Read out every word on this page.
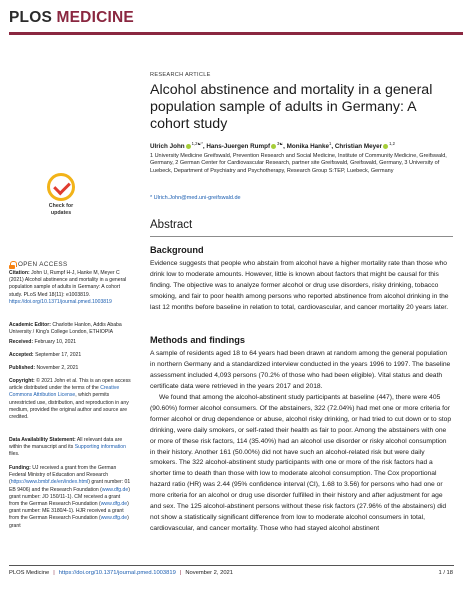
PLOS MEDICINE
RESEARCH ARTICLE
Alcohol abstinence and mortality in a general population sample of adults in Germany: A cohort study
Ulrich John $^{1,2☯*}$, Hans-Juergen Rumpf $^{3☯}$, Monika Hanke$^1$, Christian Meyer $^{1,2}$
1 University Medicine Greifswald, Prevention Research and Social Medicine, Institute of Community Medicine, Greifswald, Germany, 2 German Center for Cardiovascular Research, partner site Greifswald, Greifswald, Germany, 3 University of Luebeck, Department of Psychiatry and Psychotherapy, Research Group S:TEP, Luebeck, Germany
* Ulrich.John@med.uni-greifswald.de
Check for updates
Abstract
Background
Evidence suggests that people who abstain from alcohol have a higher mortality rate than those who drink low to moderate amounts. However, little is known about factors that might be causal for this finding. The objective was to analyze former alcohol or drug use disorders, risky drinking, tobacco smoking, and fair to poor health among persons who reported abstinence from alcohol drinking in the last 12 months before baseline in relation to total, cardiovascular, and cancer mortality 20 years later.
Methods and findings
A sample of residents aged 18 to 64 years had been drawn at random among the general population in northern Germany and a standardized interview conducted in the years 1996 to 1997. The baseline assessment included 4,093 persons (70.2% of those who had been eligible). Vital status and death certificate data were retrieved in the years 2017 and 2018.
We found that among the alcohol-abstinent study participants at baseline (447), there were 405 (90.60%) former alcohol consumers. Of the abstainers, 322 (72.04%) had met one or more criteria for former alcohol or drug dependence or abuse, alcohol risky drinking, or had tried to cut down or to stop drinking, were daily smokers, or self-rated their health as fair to poor. Among the abstainers with one or more of these risk factors, 114 (35.40%) had an alcohol use disorder or risky alcohol consumption in their history. Another 161 (50.00%) did not have such an alcohol-related risk but were daily smokers. The 322 alcohol-abstinent study participants with one or more of the risk factors had a shorter time to death than those with low to moderate alcohol consumption. The Cox proportional hazard ratio (HR) was 2.44 (95% confidence interval (CI), 1.68 to 3.56) for persons who had one or more criteria for an alcohol or drug use disorder fulfilled in their history and after adjustment for age and sex. The 125 alcohol-abstinent persons without these risk factors (27.96% of the abstainers) did not show a statistically significant difference from low to moderate alcohol consumers in total, cardiovascular, and cancer mortality. Those who had stayed alcohol abstinent
OPEN ACCESS
Citation: John U, Rumpf H-J, Hanke M, Meyer C (2021) Alcohol abstinence and mortality in a general population sample of adults in Germany: A cohort study. PLoS Med 18(11): e1003819. https://doi.org/10.1371/journal.pmed.1003819
Academic Editor: Charlotte Hanlon, Addis Ababa University / King's College London, ETHIOPIA
Received: February 10, 2021
Accepted: September 17, 2021
Published: November 2, 2021
Copyright: © 2021 John et al. This is an open access article distributed under the terms of the Creative Commons Attribution License, which permits unrestricted use, distribution, and reproduction in any medium, provided the original author and source are credited.
Data Availability Statement: All relevant data are within the manuscript and its Supporting information files.
Funding: UJ received a grant from the German Federal Ministry of Education and Research (https://www.bmbf.de/en/index.html) grant number: 01 EB 9406) and the Research Foundation (www.dfg.de) grant number: JO 150/11-1). CM received a grant from the German Research Foundation (www.dfg.de) grant number: ME 3180/4-1). HJR received a grant from the German Research Foundation (www.dfg.de) grant
PLOS Medicine | https://doi.org/10.1371/journal.pmed.1003819 | November 2, 2021	1 / 18
